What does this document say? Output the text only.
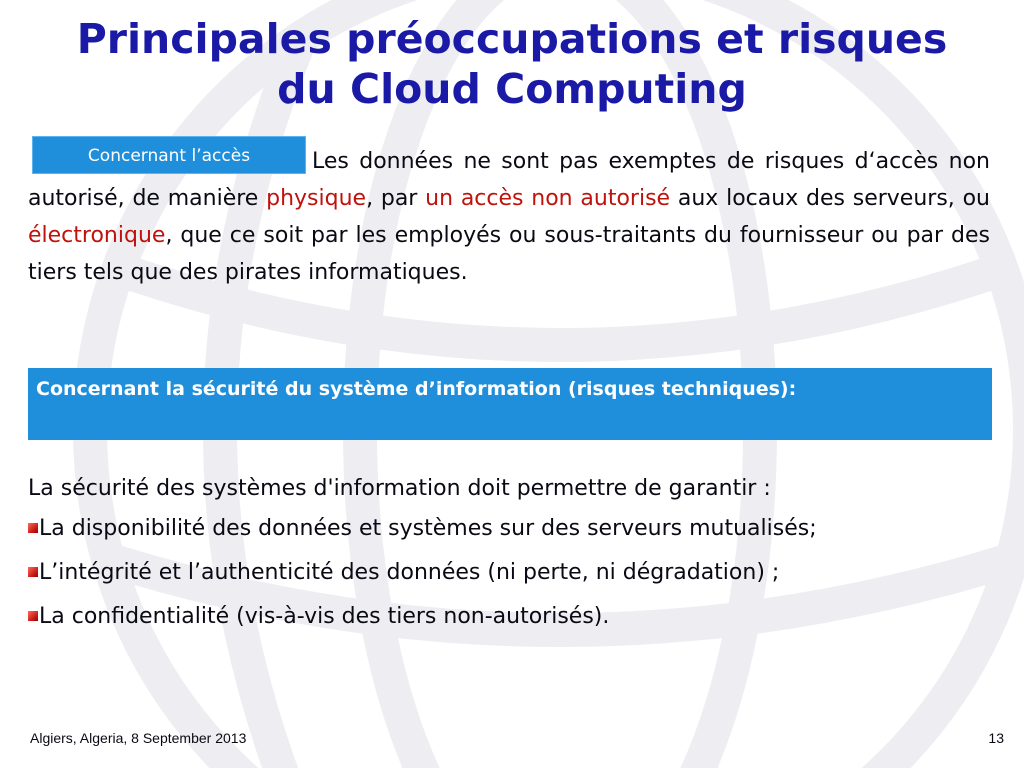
Principales préoccupations et risques
du Cloud Computing
Les données ne sont pas exemptes de risques d‘accès non autorisé, de manière physique, par un accès non autorisé aux locaux des serveurs, ou électronique, que ce soit par les employés ou sous-traitants du fournisseur ou par des tiers tels que des pirates informatiques.
Concernant l’accès
Concernant la sécurité du système d’information (risques techniques):
La sécurité des systèmes d'information doit permettre de garantir :
La disponibilité des données et systèmes sur des serveurs mutualisés;
L’intégrité et l’authenticité des données (ni perte, ni dégradation) ;
La confidentialité (vis-à-vis des tiers non-autorisés).
Algiers, Algeria, 8 September 2013	13
